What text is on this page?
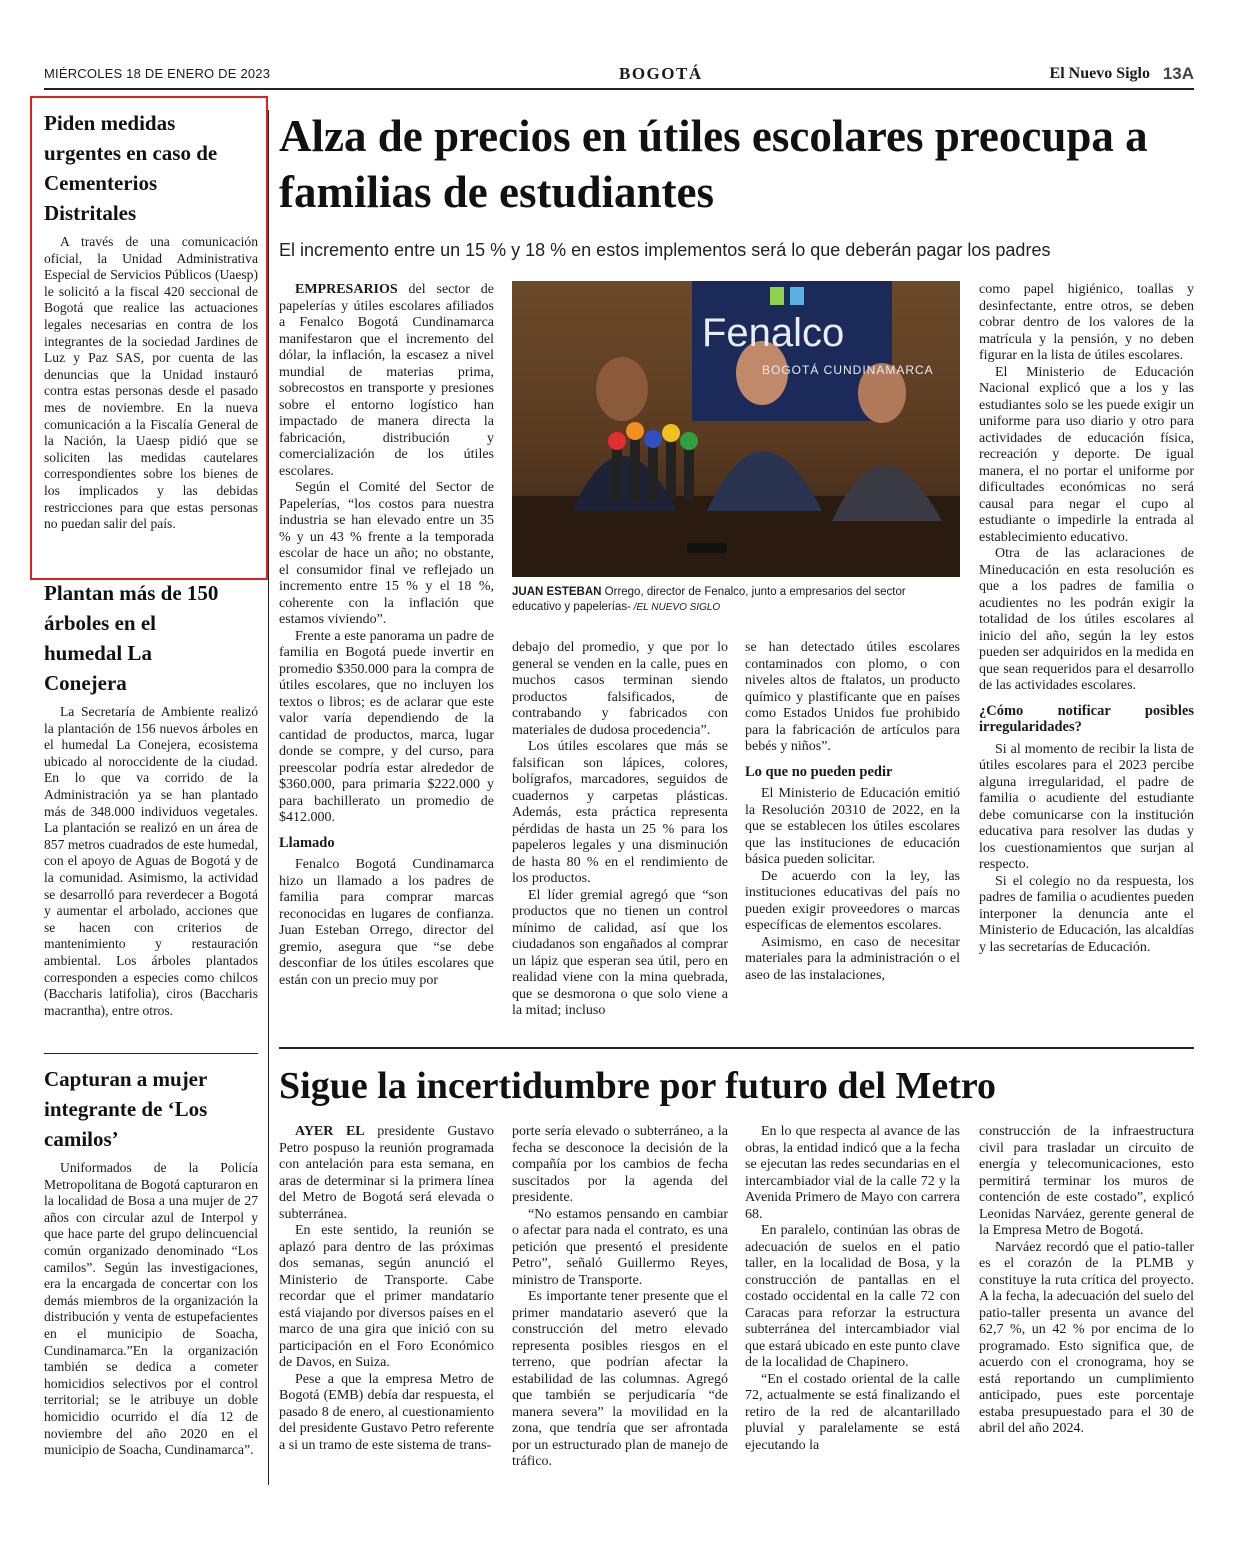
MIÉRCOLES 18 DE ENERO DE 2023	BOGOTÁ	El Nuevo Siglo 13A
Piden medidas urgentes en caso de Cementerios Distritales

A través de una comunicación oficial, la Unidad Administrativa Especial de Servicios Públicos (Uaesp) le solicitó a la fiscal 420 seccional de Bogotá que realice las actuaciones legales necesarias en contra de los integrantes de la sociedad Jardines de Luz y Paz SAS, por cuenta de las denuncias que la Unidad instauró contra estas personas desde el pasado mes de noviembre. En la nueva comunicación a la Fiscalía General de la Nación, la Uaesp pidió que se soliciten las medidas cautelares correspondientes sobre los bienes de los implicados y las debidas restricciones para que estas personas no puedan salir del país.

Plantan más de 150 árboles en el humedal La Conejera

La Secretaría de Ambiente realizó la plantación de 156 nuevos árboles en el humedal La Conejera, ecosistema ubicado al noroccidente de la ciudad. En lo que va corrido de la Administración ya se han plantado más de 348.000 individuos vegetales. La plantación se realizó en un área de 857 metros cuadrados de este humedal, con el apoyo de Aguas de Bogotá y de la comunidad. Asimismo, la actividad se desarrolló para reverdecer a Bogotá y aumentar el arbolado, acciones que se hacen con criterios de mantenimiento y restauración ambiental. Los árboles plantados corresponden a especies como chilcos (Baccharis latifolia), ciros (Baccharis macrantha), entre otros.

Capturan a mujer integrante de ‘Los camilos’

Uniformados de la Policía Metropolitana de Bogotá capturaron en la localidad de Bosa a una mujer de 27 años con circular azul de Interpol y que hace parte del grupo delincuencial común organizado denominado “Los camilos”. Según las investigaciones, era la encargada de concertar con los demás miembros de la organización la distribución y venta de estupefacientes en el municipio de Soacha, Cundinamarca.”En la organización también se dedica a cometer homicidios selectivos por el control territorial; se le atribuye un doble homicidio ocurrido el día 12 de noviembre del año 2020 en el municipio de Soacha, Cundinamarca”.

Alza de precios en útiles escolares preocupa a familias de estudiantes
El incremento entre un 15 % y 18 % en estos implementos será lo que deberán pagar los padres

EMPRESARIOS del sector de papelerías y útiles escolares afiliados a Fenalco Bogotá Cundinamarca manifestaron que el incremento del dólar, la inflación, la escasez a nivel mundial de materias prima, sobrecostos en transporte y presiones sobre el entorno logístico han impactado de manera directa la fabricación, distribución y comercialización de los útiles escolares.

Según el Comité del Sector de Papelerías, “los costos para nuestra industria se han elevado entre un 35 % y un 43 % frente a la temporada escolar de hace un año; no obstante, el consumidor final ve reflejado un incremento entre 15 % y el 18 %, coherente con la inflación que estamos viviendo”.

Frente a este panorama un padre de familia en Bogotá puede invertir en promedio $350.000 para la compra de útiles escolares, que no incluyen los textos o libros; es de aclarar que este valor varía dependiendo de la cantidad de productos, marca, lugar donde se compre, y del curso, para preescolar podría estar alrededor de $360.000, para primaria $222.000 y para bachillerato un promedio de $412.000.

Llamado

Fenalco Bogotá Cundinamarca hizo un llamado a los padres de familia para comprar marcas reconocidas en lugares de confianza. Juan Esteban Orrego, director del gremio, asegura que “se debe desconfiar de los útiles escolares que están con un precio muy por

Fenalco
BOGOTÁ CUNDINAMARCA
JUAN ESTEBAN Orrego, director de Fenalco, junto a empresarios del sector educativo y papelerías- /EL NUEVO SIGLO

debajo del promedio, y que por lo general se venden en la calle, pues en muchos casos terminan siendo productos falsificados, de contrabando y fabricados con materiales de dudosa procedencia”.

Los útiles escolares que más se falsifican son lápices, colores, bolígrafos, marcadores, seguidos de cuadernos y carpetas plásticas. Además, esta práctica representa pérdidas de hasta un 25 % para los papeleros legales y una disminución de hasta 80 % en el rendimiento de los productos.

El líder gremial agregó que “son productos que no tienen un control mínimo de calidad, así que los ciudadanos son engañados al comprar un lápiz que esperan sea útil, pero en realidad viene con la mina quebrada, que se desmorona o que solo viene a la mitad; incluso

se han detectado útiles escolares contaminados con plomo, o con niveles altos de ftalatos, un producto químico y plastificante que en países como Estados Unidos fue prohibido para la fabricación de artículos para bebés y niños”.

Lo que no pueden pedir

El Ministerio de Educación emitió la Resolución 20310 de 2022, en la que se establecen los útiles escolares que las instituciones de educación básica pueden solicitar.

De acuerdo con la ley, las instituciones educativas del país no pueden exigir proveedores o marcas específicas de elementos escolares.

Asimismo, en caso de necesitar materiales para la administración o el aseo de las instalaciones,

como papel higiénico, toallas y desinfectante, entre otros, se deben cobrar dentro de los valores de la matrícula y la pensión, y no deben figurar en la lista de útiles escolares.

El Ministerio de Educación Nacional explicó que a los y las estudiantes solo se les puede exigir un uniforme para uso diario y otro para actividades de educación física, recreación y deporte. De igual manera, el no portar el uniforme por dificultades económicas no será causal para negar el cupo al estudiante o impedirle la entrada al establecimiento educativo.

Otra de las aclaraciones de Mineducación en esta resolución es que a los padres de familia o acudientes no les podrán exigir la totalidad de los útiles escolares al inicio del año, según la ley estos pueden ser adquiridos en la medida en que sean requeridos para el desarrollo de las actividades escolares.

¿Cómo notificar posibles irregularidades?

Si al momento de recibir la lista de útiles escolares para el 2023 percibe alguna irregularidad, el padre de familia o acudiente del estudiante debe comunicarse con la institución educativa para resolver las dudas y los cuestionamientos que surjan al respecto.

Si el colegio no da respuesta, los padres de familia o acudientes pueden interponer la denuncia ante el Ministerio de Educación, las alcaldías y las secretarías de Educación.

Sigue la incertidumbre por futuro del Metro

AYER EL presidente Gustavo Petro pospuso la reunión programada con antelación para esta semana, en aras de determinar si la primera línea del Metro de Bogotá será elevada o subterránea.

En este sentido, la reunión se aplazó para dentro de las próximas dos semanas, según anunció el Ministerio de Transporte. Cabe recordar que el primer mandatario está viajando por diversos países en el marco de una gira que inició con su participación en el Foro Económico de Davos, en Suiza.

Pese a que la empresa Metro de Bogotá (EMB) debía dar respuesta, el pasado 8 de enero, al cuestionamiento del presidente Gustavo Petro referente a si un tramo de este sistema de trans-

porte sería elevado o subterráneo, a la fecha se desconoce la decisión de la compañía por los cambios de fecha suscitados por la agenda del presidente.

“No estamos pensando en cambiar o afectar para nada el contrato, es una petición que presentó el presidente Petro”, señaló Guillermo Reyes, ministro de Transporte.

Es importante tener presente que el primer mandatario aseveró que la construcción del metro elevado representa posibles riesgos en el terreno, que podrían afectar la estabilidad de las columnas. Agregó que también se perjudicaría “de manera severa” la movilidad en la zona, que tendría que ser afrontada por un estructurado plan de manejo de tráfico.

En lo que respecta al avance de las obras, la entidad indicó que a la fecha se ejecutan las redes secundarias en el intercambiador vial de la calle 72 y la Avenida Primero de Mayo con carrera 68.

En paralelo, continúan las obras de adecuación de suelos en el patio taller, en la localidad de Bosa, y la construcción de pantallas en el costado occidental en la calle 72 con Caracas para reforzar la estructura subterránea del intercambiador vial que estará ubicado en este punto clave de la localidad de Chapinero.

“En el costado oriental de la calle 72, actualmente se está finalizando el retiro de la red de alcantarillado pluvial y paralelamente se está ejecutando la

construcción de la infraestructura civil para trasladar un circuito de energía y telecomunicaciones, esto permitirá terminar los muros de contención de este costado”, explicó Leonidas Narváez, gerente general de la Empresa Metro de Bogotá.

Narváez recordó que el patio-taller es el corazón de la PLMB y constituye la ruta crítica del proyecto. A la fecha, la adecuación del suelo del patio-taller presenta un avance del 62,7 %, un 42 % por encima de lo programado. Esto significa que, de acuerdo con el cronograma, hoy se está reportando un cumplimiento anticipado, pues este porcentaje estaba presupuestado para el 30 de abril del año 2024.
